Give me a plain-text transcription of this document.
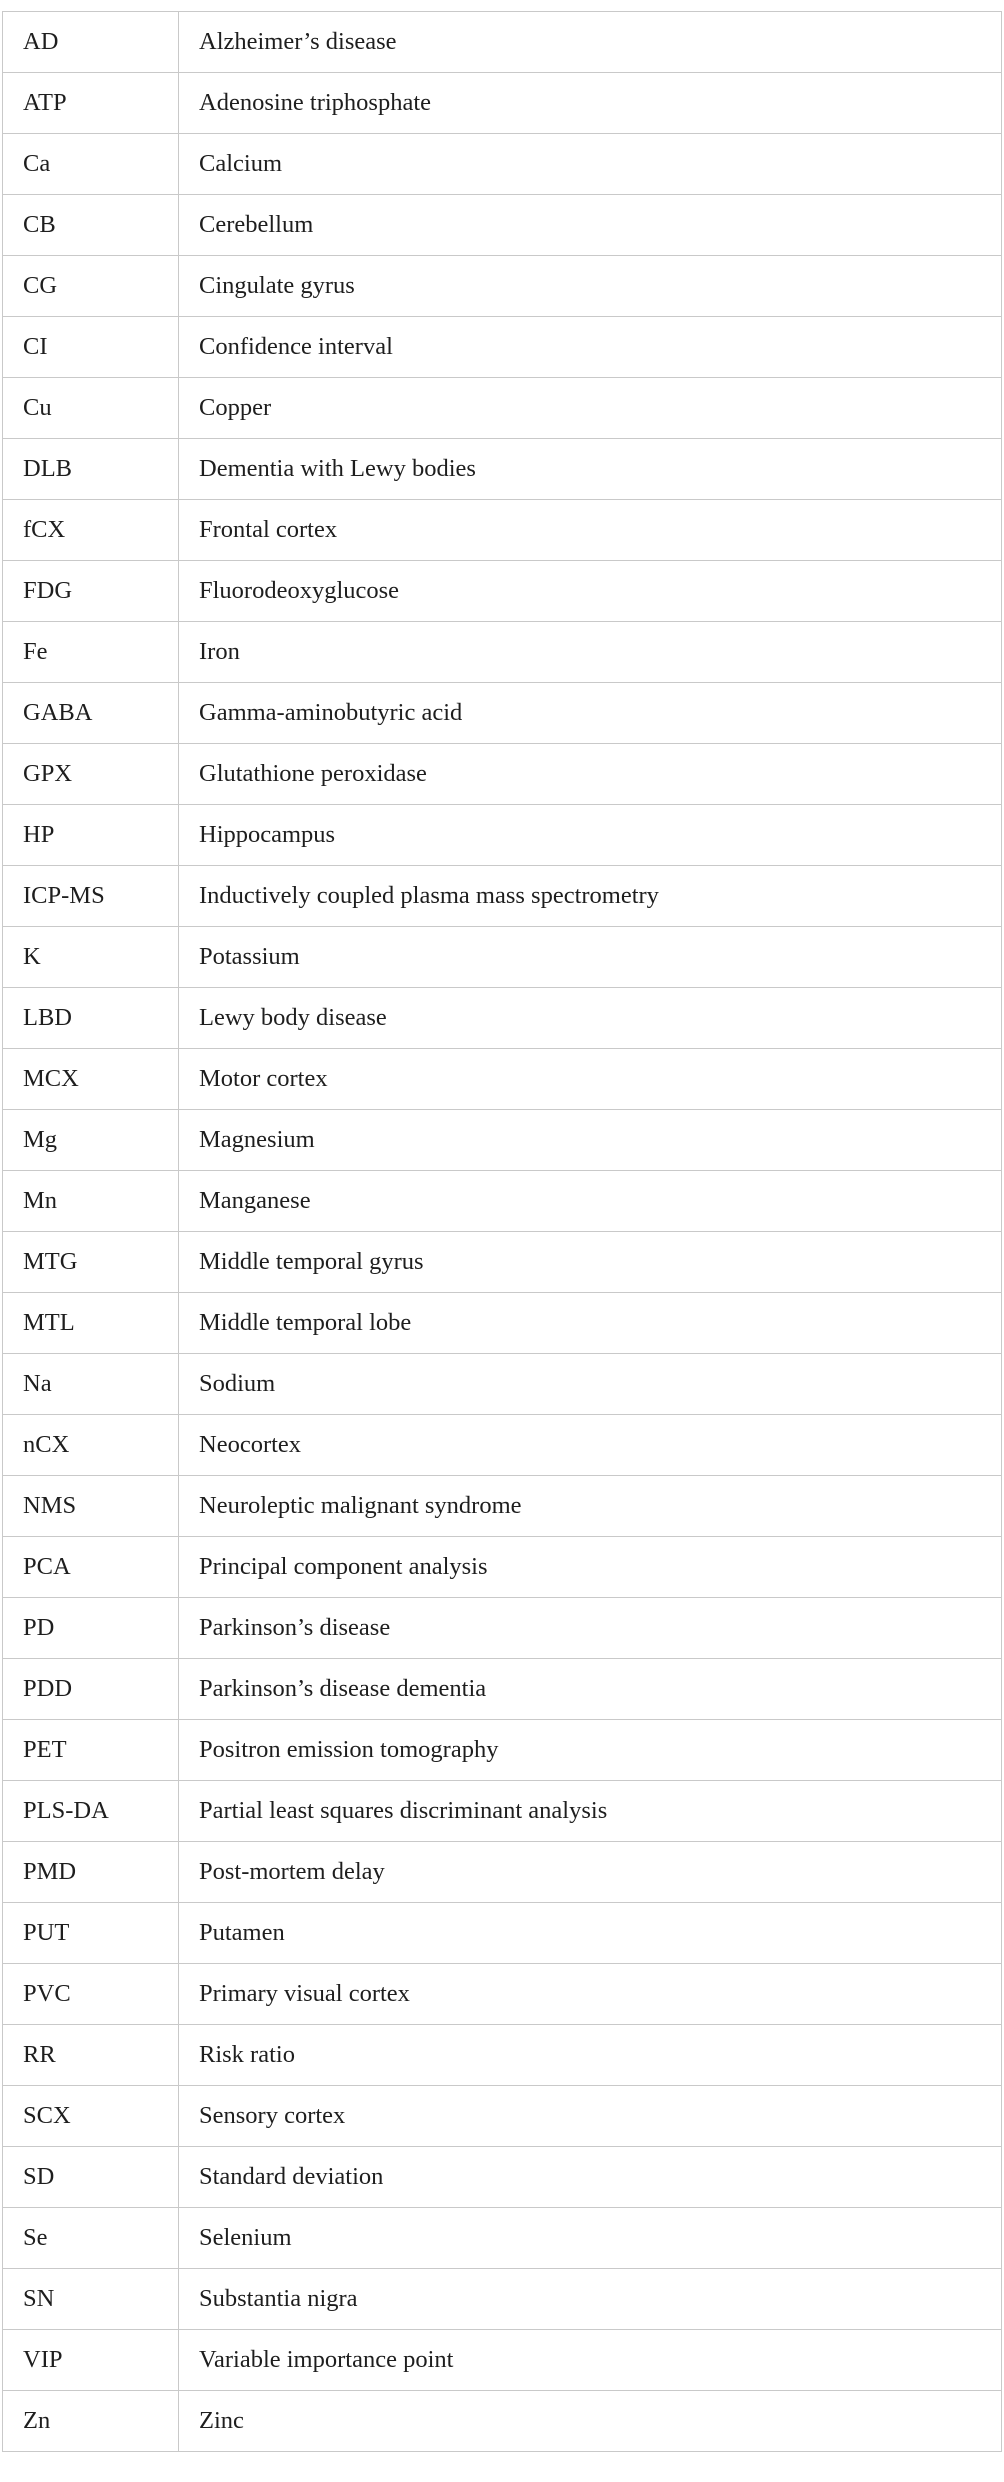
AD	Alzheimer’s disease
ATP	Adenosine triphosphate
Ca	Calcium
CB	Cerebellum
CG	Cingulate gyrus
CI	Confidence interval
Cu	Copper
DLB	Dementia with Lewy bodies
fCX	Frontal cortex
FDG	Fluorodeoxyglucose
Fe	Iron
GABA	Gamma-aminobutyric acid
GPX	Glutathione peroxidase
HP	Hippocampus
ICP-MS	Inductively coupled plasma mass spectrometry
K	Potassium
LBD	Lewy body disease
MCX	Motor cortex
Mg	Magnesium
Mn	Manganese
MTG	Middle temporal gyrus
MTL	Middle temporal lobe
Na	Sodium
nCX	Neocortex
NMS	Neuroleptic malignant syndrome
PCA	Principal component analysis
PD	Parkinson’s disease
PDD	Parkinson’s disease dementia
PET	Positron emission tomography
PLS-DA	Partial least squares discriminant analysis
PMD	Post-mortem delay
PUT	Putamen
PVC	Primary visual cortex
RR	Risk ratio
SCX	Sensory cortex
SD	Standard deviation
Se	Selenium
SN	Substantia nigra
VIP	Variable importance point
Zn	Zinc
